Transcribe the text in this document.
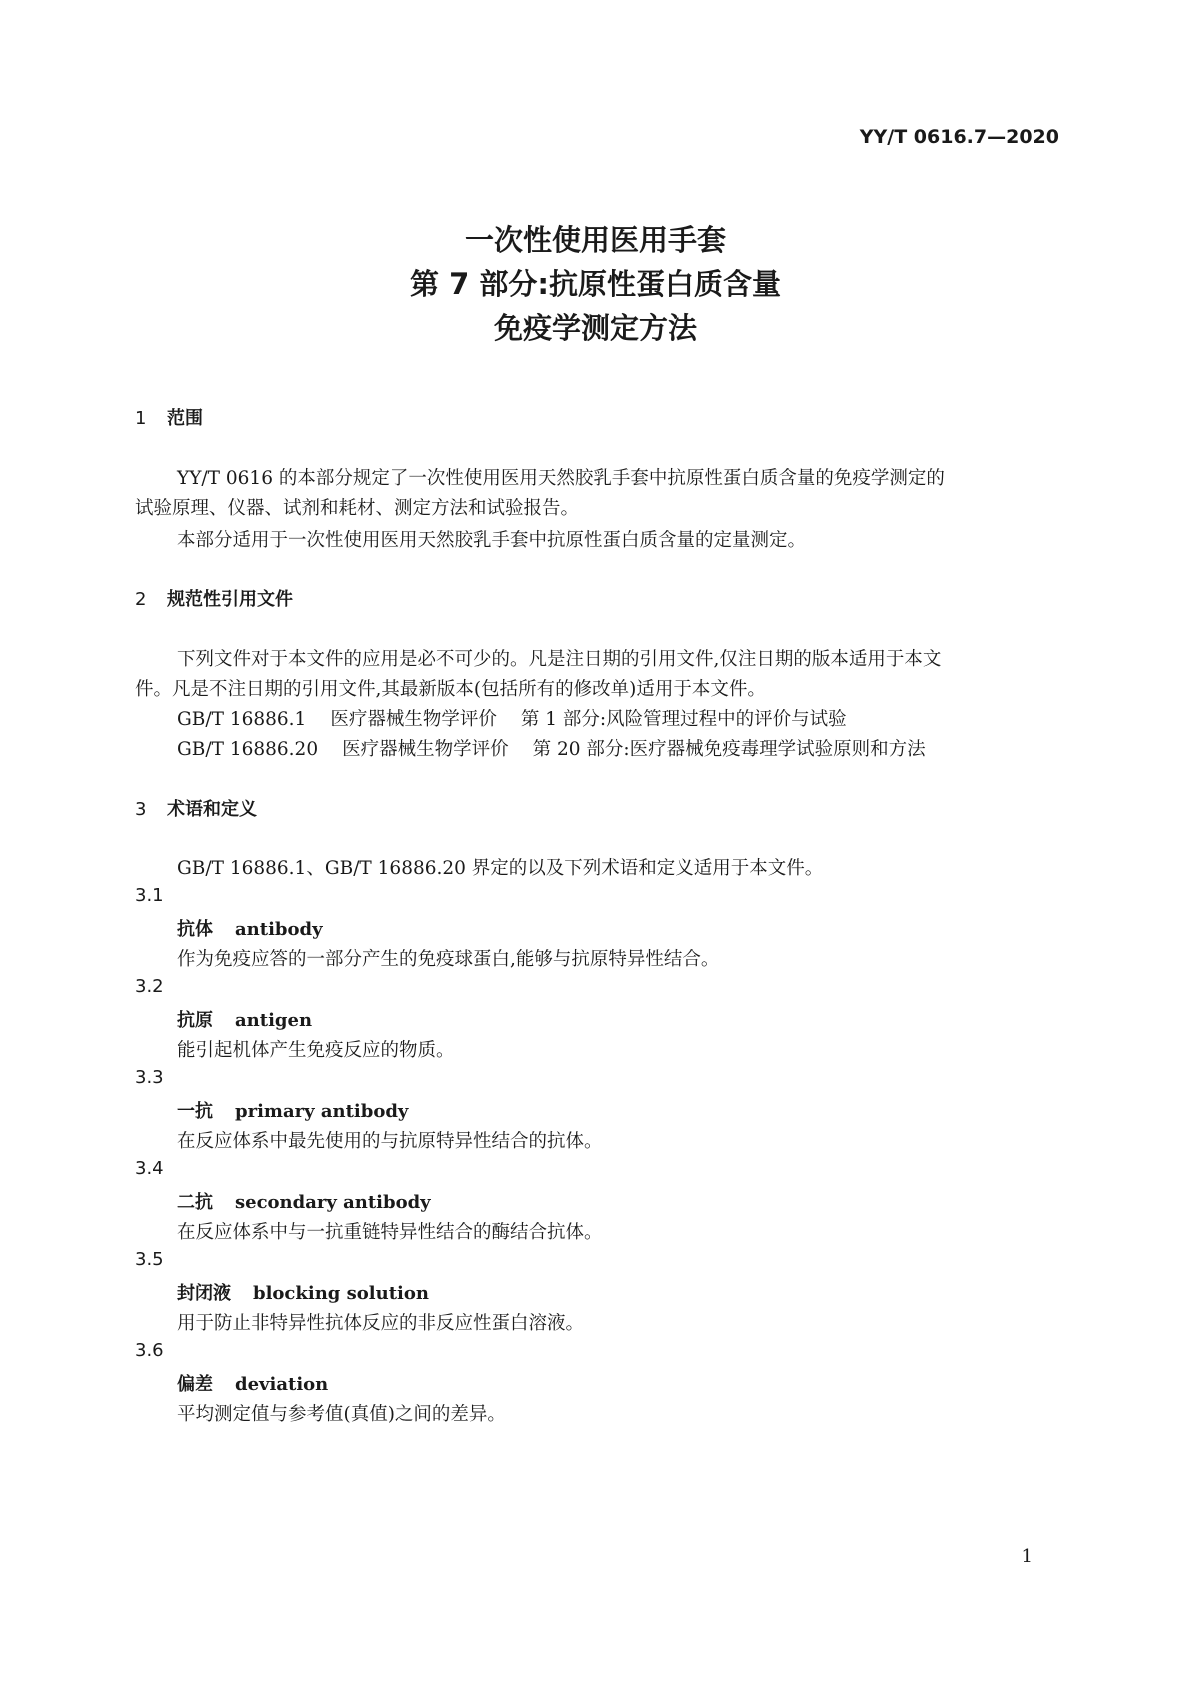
YY/T 0616.7—2020
一次性使用医用手套
第 7 部分:抗原性蛋白质含量
免疫学测定方法
1 范围
YY/T 0616 的本部分规定了一次性使用医用天然胶乳手套中抗原性蛋白质含量的免疫学测定的
试验原理、仪器、试剂和耗材、测定方法和试验报告。
本部分适用于一次性使用医用天然胶乳手套中抗原性蛋白质含量的定量测定。
2 规范性引用文件
下列文件对于本文件的应用是必不可少的。凡是注日期的引用文件,仅注日期的版本适用于本文
件。凡是不注日期的引用文件,其最新版本(包括所有的修改单)适用于本文件。
GB/T 16886.1 医疗器械生物学评价 第 1 部分:风险管理过程中的评价与试验
GB/T 16886.20 医疗器械生物学评价 第 20 部分:医疗器械免疫毒理学试验原则和方法
3 术语和定义
GB/T 16886.1、GB/T 16886.20 界定的以及下列术语和定义适用于本文件。
3.1
抗体 antibody
作为免疫应答的一部分产生的免疫球蛋白,能够与抗原特异性结合。
3.2
抗原 antigen
能引起机体产生免疫反应的物质。
3.3
一抗 primary antibody
在反应体系中最先使用的与抗原特异性结合的抗体。
3.4
二抗 secondary antibody
在反应体系中与一抗重链特异性结合的酶结合抗体。
3.5
封闭液 blocking solution
用于防止非特异性抗体反应的非反应性蛋白溶液。
3.6
偏差 deviation
平均测定值与参考值(真值)之间的差异。
1
